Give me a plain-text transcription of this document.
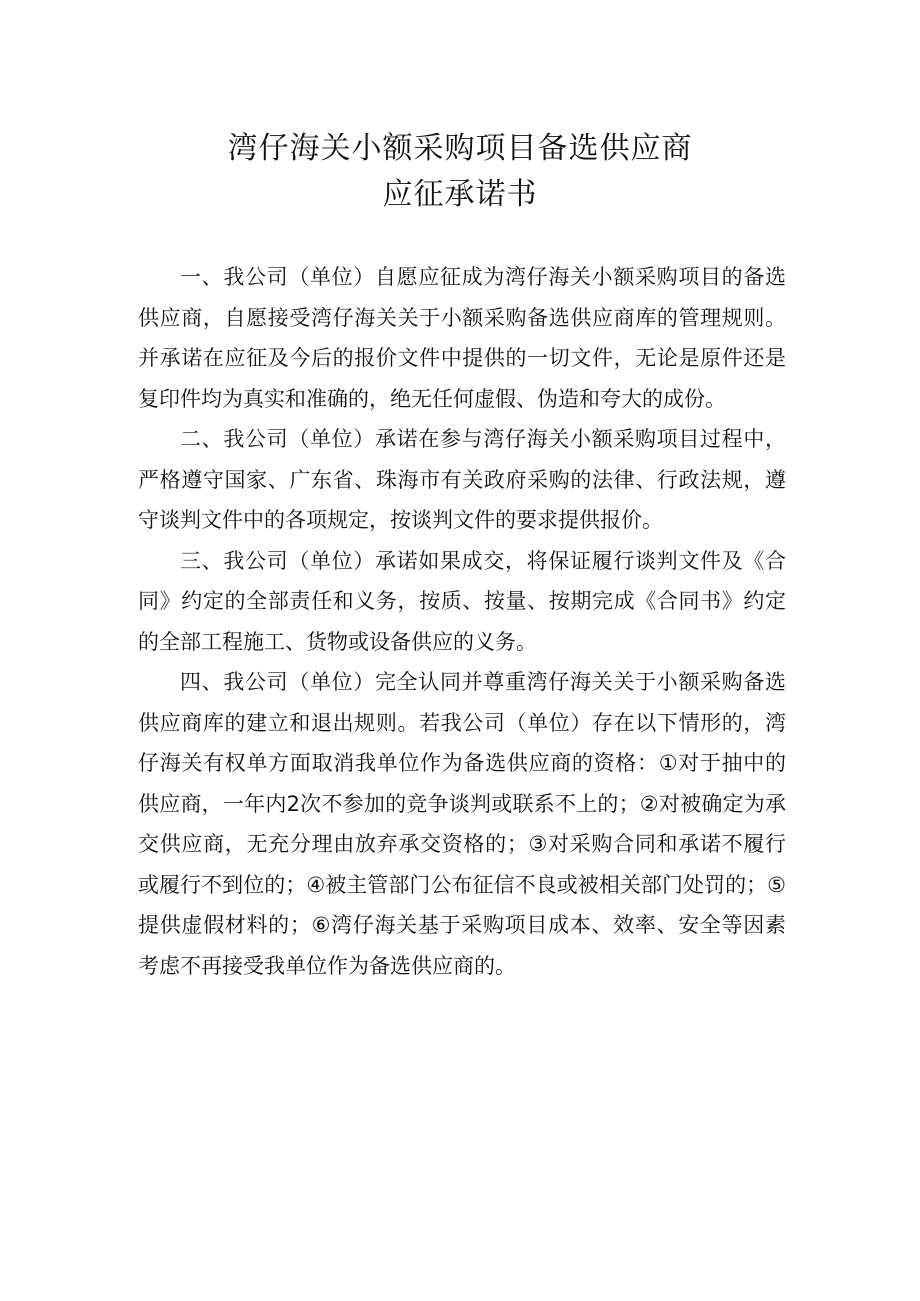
湾仔海关小额采购项目备选供应商
应征承诺书

一、我公司（单位）自愿应征成为湾仔海关小额采购项目的备选供应商，自愿接受湾仔海关关于小额采购备选供应商库的管理规则。并承诺在应征及今后的报价文件中提供的一切文件，无论是原件还是复印件均为真实和准确的，绝无任何虚假、伪造和夸大的成份。

二、我公司（单位）承诺在参与湾仔海关小额采购项目过程中，严格遵守国家、广东省、珠海市有关政府采购的法律、行政法规，遵守谈判文件中的各项规定，按谈判文件的要求提供报价。

三、我公司（单位）承诺如果成交，将保证履行谈判文件及《合同》约定的全部责任和义务，按质、按量、按期完成《合同书》约定的全部工程施工、货物或设备供应的义务。

四、我公司（单位）完全认同并尊重湾仔海关关于小额采购备选供应商库的建立和退出规则。若我公司（单位）存在以下情形的，湾仔海关有权单方面取消我单位作为备选供应商的资格：①对于抽中的供应商，一年内2次不参加的竞争谈判或联系不上的；②对被确定为承交供应商，无充分理由放弃承交资格的；③对采购合同和承诺不履行或履行不到位的；④被主管部门公布征信不良或被相关部门处罚的；⑤提供虚假材料的；⑥湾仔海关基于采购项目成本、效率、安全等因素考虑不再接受我单位作为备选供应商的。
